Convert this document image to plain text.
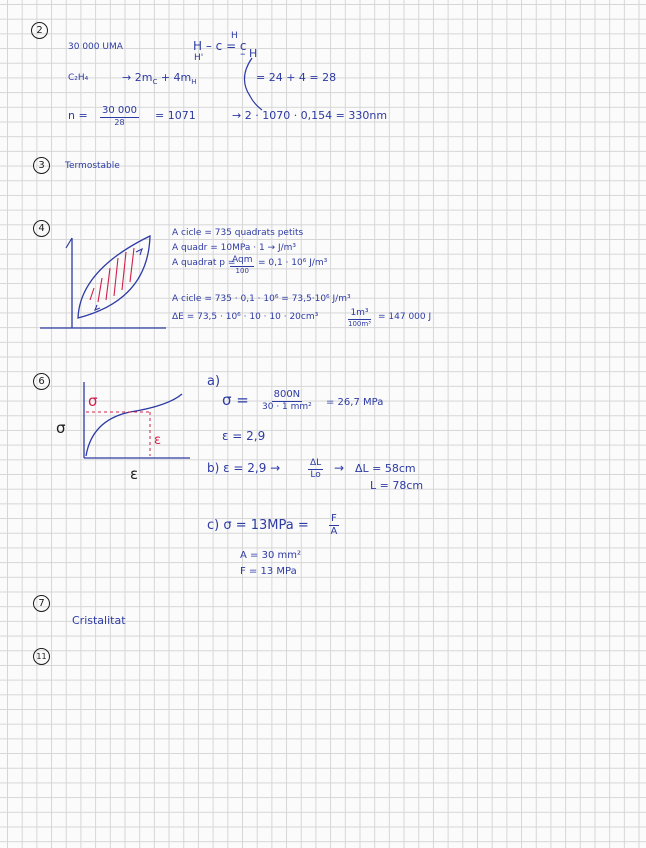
2
30 000 UMA
H
H – c = c
H'	– H
C₂H₄	→ $2m_C + 4m_H$	= 24 + 4 = 28
n = 30 000
28
= 1071	→ 2 · 1070 · 0,154 = 330nm
3 Termostable
4	A cicle = 735 quadrats petits
A quadr = 10MPa · 1 → J/m³
A quadrat p =
Aqm
100
= 0,1 · 10⁶ J/m³
A cicle = 735 · 0,1 · 10⁶ = 73,5·10⁶ J/m³
ΔE = 73,5 · 10⁶ · 10 · 10 · 20cm³	1m³
100m³
= 147 000 J
6
σ
ε
σ
ε
a)
$\sigma = \frac{800N}{\text{30 · 1 mm²}} = 26,7$ MPa
ε = 2,9
b) ε = 2,9 →	$\frac{\Delta L}{Lo} \to \Delta L = 58cm$
L = 78cm
c) $\sigma = 13MPa = \frac{F}{A}$
A = 30 mm²
F = 13 MPa
7
Cristalitat
11
